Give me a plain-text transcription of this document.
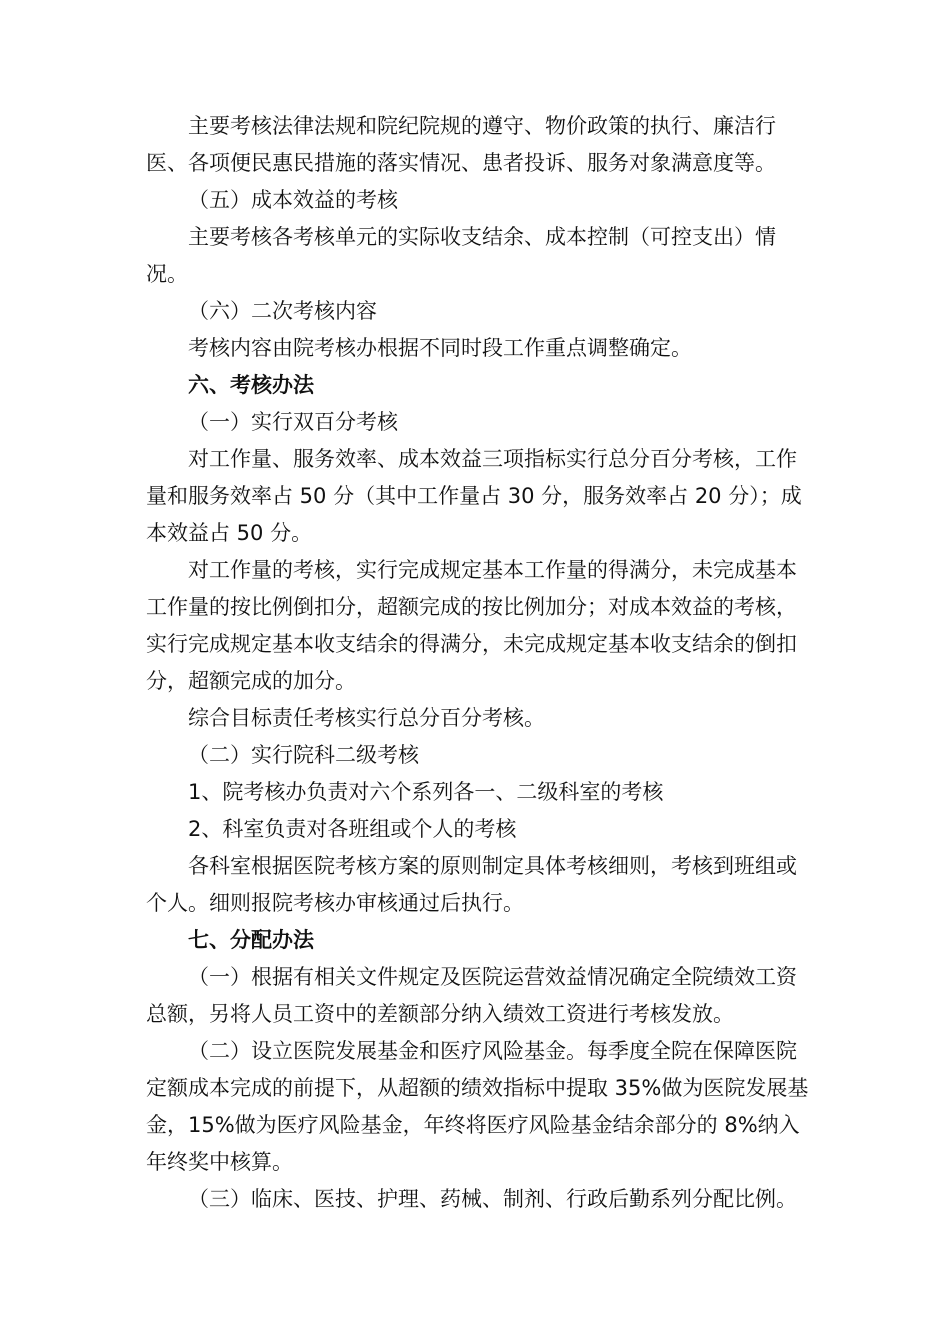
主要考核法律法规和院纪院规的遵守、物价政策的执行、廉洁行医、各项便民惠民措施的落实情况、患者投诉、服务对象满意度等。

（五）成本效益的考核

主要考核各考核单元的实际收支结余、成本控制（可控支出）情况。

（六）二次考核内容

考核内容由院考核办根据不同时段工作重点调整确定。

六、考核办法

（一）实行双百分考核

对工作量、服务效率、成本效益三项指标实行总分百分考核，工作量和服务效率占 50 分（其中工作量占 30 分，服务效率占 20 分）；成本效益占 50 分。

对工作量的考核，实行完成规定基本工作量的得满分，未完成基本工作量的按比例倒扣分，超额完成的按比例加分；对成本效益的考核，实行完成规定基本收支结余的得满分，未完成规定基本收支结余的倒扣分，超额完成的加分。

综合目标责任考核实行总分百分考核。

（二）实行院科二级考核

1、院考核办负责对六个系列各一、二级科室的考核

2、科室负责对各班组或个人的考核

各科室根据医院考核方案的原则制定具体考核细则，考核到班组或个人。细则报院考核办审核通过后执行。

七、分配办法

（一）根据有相关文件规定及医院运营效益情况确定全院绩效工资总额，另将人员工资中的差额部分纳入绩效工资进行考核发放。

（二）设立医院发展基金和医疗风险基金。每季度全院在保障医院定额成本完成的前提下，从超额的绩效指标中提取 35%做为医院发展基金，15%做为医疗风险基金，年终将医疗风险基金结余部分的 8%纳入年终奖中核算。

（三）临床、医技、护理、药械、制剂、行政后勤系列分配比例。
